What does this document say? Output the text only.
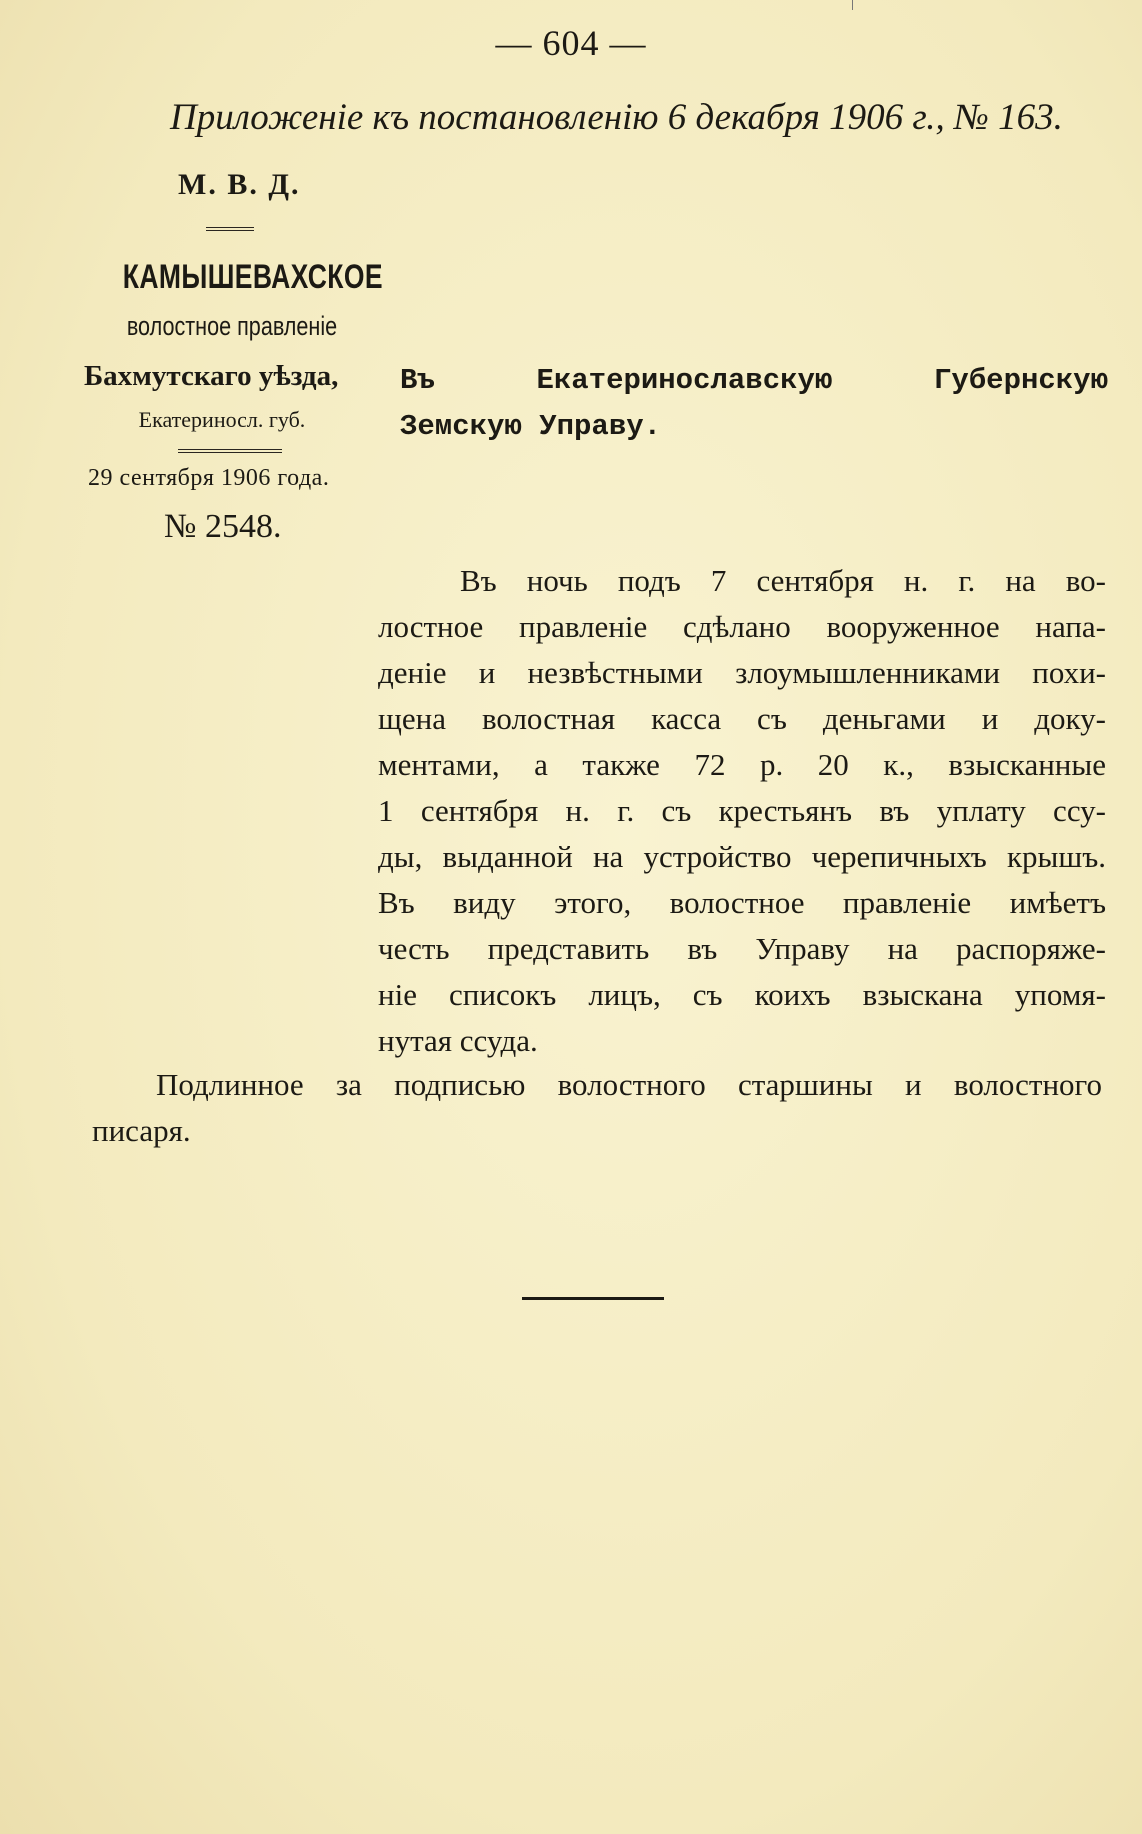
— 604 —
Приложеніе къ постановленію 6 декабря 1906 г., № 163.
М. В. Д.
КАМЫШЕВАХСКОЕ
волостное правленіе
Бахмутскаго уѣзда,
Екатериносл. губ.
29 сентября 1906 года.
№ 2548.
Въ	Екатеринославскую	Губернскую
Земскую Управу.
Въ ночь подъ 7 сентября н. г. на во-
лостное правленіе сдѣлано вооруженное напа-
деніе и незвѣстными злоумышленниками похи-
щена волостная касса съ деньгами и доку-
ментами, а также 72 р. 20 к., взысканные
1 сентября н. г. съ крестьянъ въ уплату ссу-
ды, выданной на устройство черепичныхъ крышъ.
Въ виду этого, волостное правленіе имѣетъ
честь представить въ Управу на распоряже-
ніе списокъ лицъ, съ коихъ взыскана упомя-
нутая ссуда.
Подлинное за подписью волостного старшины и волостного
писаря.
